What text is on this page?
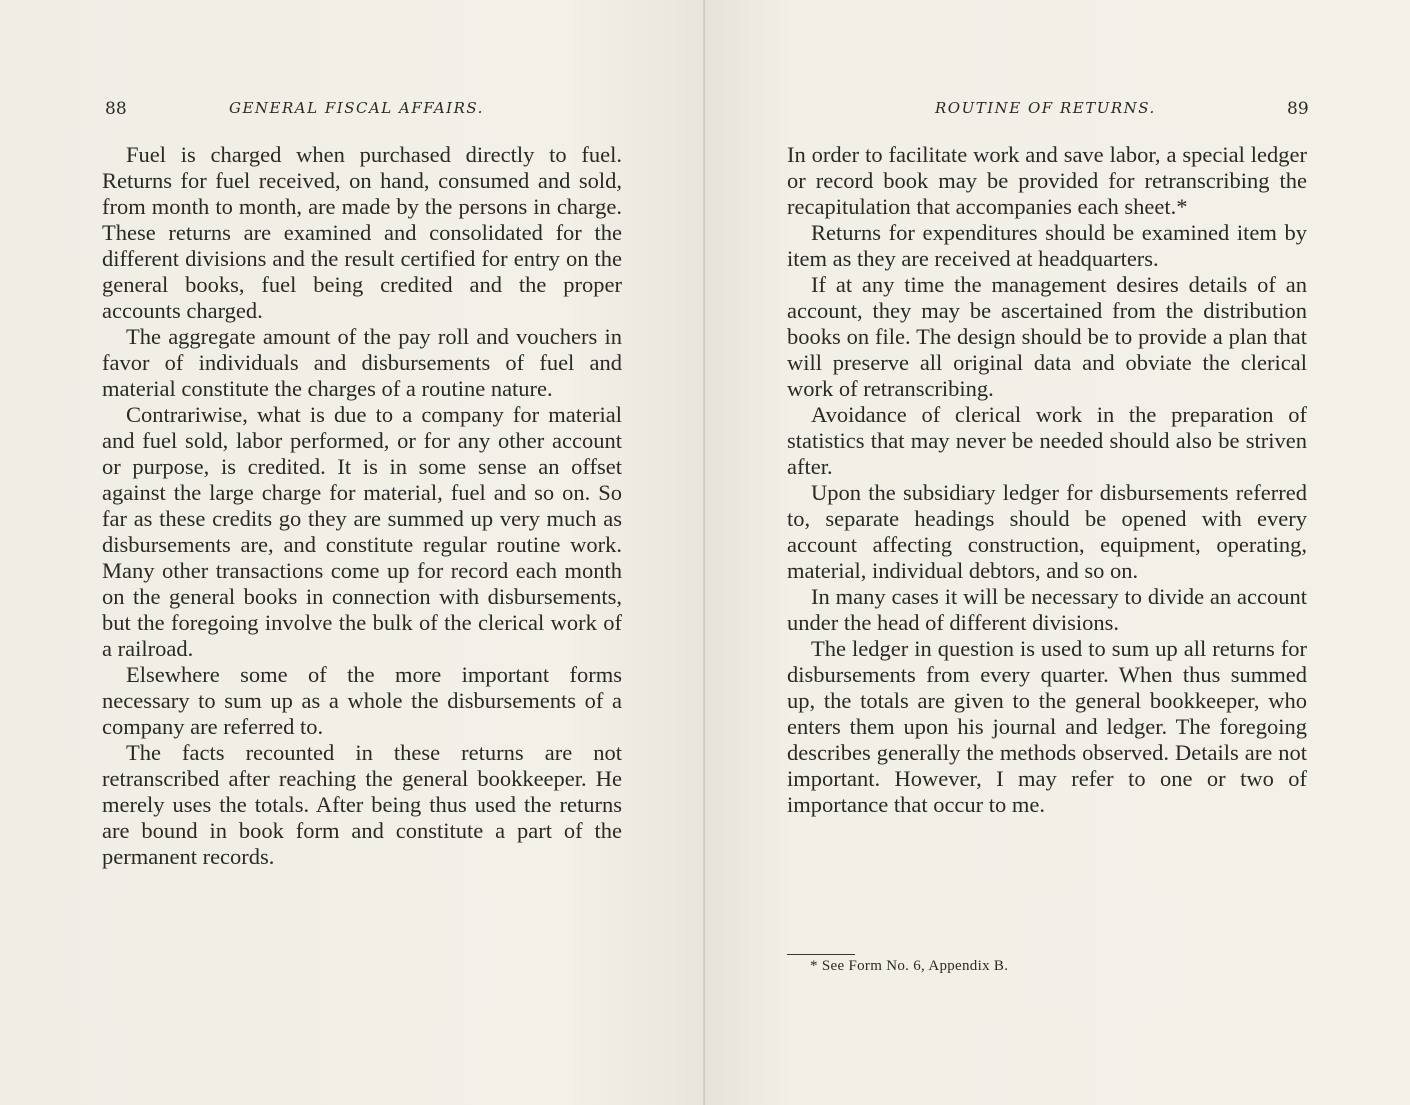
88	GENERAL FISCAL AFFAIRS.

Fuel is charged when purchased directly to fuel. Returns for fuel received, on hand, consumed and sold, from month to month, are made by the persons in charge. These returns are examined and consolidated for the different divisions and the result certified for entry on the general books, fuel being credited and the proper accounts charged.

The aggregate amount of the pay roll and vouchers in favor of individuals and disbursements of fuel and material constitute the charges of a routine nature.

Contrariwise, what is due to a company for material and fuel sold, labor performed, or for any other account or purpose, is credited. It is in some sense an offset against the large charge for material, fuel and so on. So far as these credits go they are summed up very much as disbursements are, and constitute regular routine work. Many other transactions come up for record each month on the general books in connection with disbursements, but the foregoing involve the bulk of the clerical work of a railroad.

Elsewhere some of the more important forms necessary to sum up as a whole the disbursements of a company are referred to.

The facts recounted in these returns are not retranscribed after reaching the general bookkeeper. He merely uses the totals. After being thus used the returns are bound in book form and constitute a part of the permanent records.

ROUTINE OF RETURNS.	89

In order to facilitate work and save labor, a special ledger or record book may be provided for retranscribing the recapitulation that accompanies each sheet.*

Returns for expenditures should be examined item by item as they are received at headquarters.

If at any time the management desires details of an account, they may be ascertained from the distribution books on file. The design should be to provide a plan that will preserve all original data and obviate the clerical work of retranscribing.

Avoidance of clerical work in the preparation of statistics that may never be needed should also be striven after.

Upon the subsidiary ledger for disbursements referred to, separate headings should be opened with every account affecting construction, equipment, operating, material, individual debtors, and so on.

In many cases it will be necessary to divide an account under the head of different divisions.

The ledger in question is used to sum up all returns for disbursements from every quarter. When thus summed up, the totals are given to the general bookkeeper, who enters them upon his journal and ledger. The foregoing describes generally the methods observed. Details are not important. However, I may refer to one or two of importance that occur to me.

* See Form No. 6, Appendix B.
